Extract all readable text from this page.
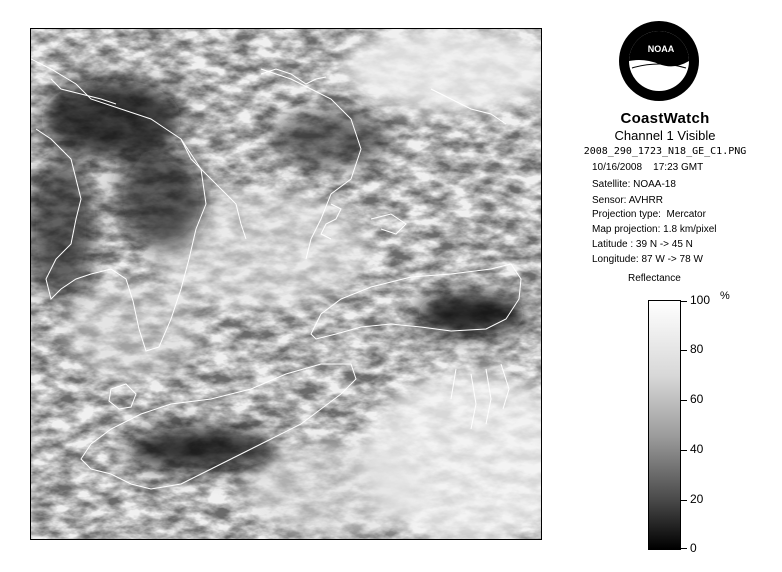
NOAA
CoastWatch
Channel 1 Visible
2008_290_1723_N18_GE_C1.PNG
10/16/2008    17:23 GMT
Satellite: NOAA-18
Sensor: AVHRR
Projection type:  Mercator
Map projection: 1.8 km/pixel
Latitude : 39 N -> 45 N
Longitude: 87 W -> 78 W
Reflectance
%
100
80
60
40
20
0
